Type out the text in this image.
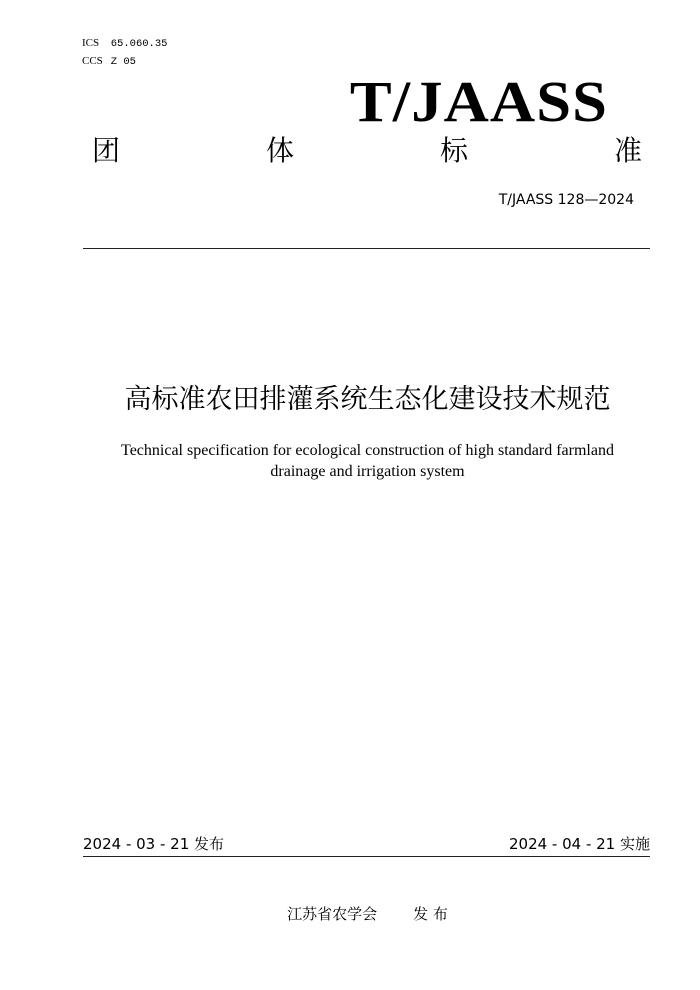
ICS 65.060.35
CCS Z 05
T/JAASS
团	体	标	准
T/JAASS 128—2024
高标准农田排灌系统生态化建设技术规范
Technical specification for ecological construction of high standard farmland
drainage and irrigation system
2024 - 03 - 21 发布	2024 - 04 - 21 实施
江苏省农学会 发 布
